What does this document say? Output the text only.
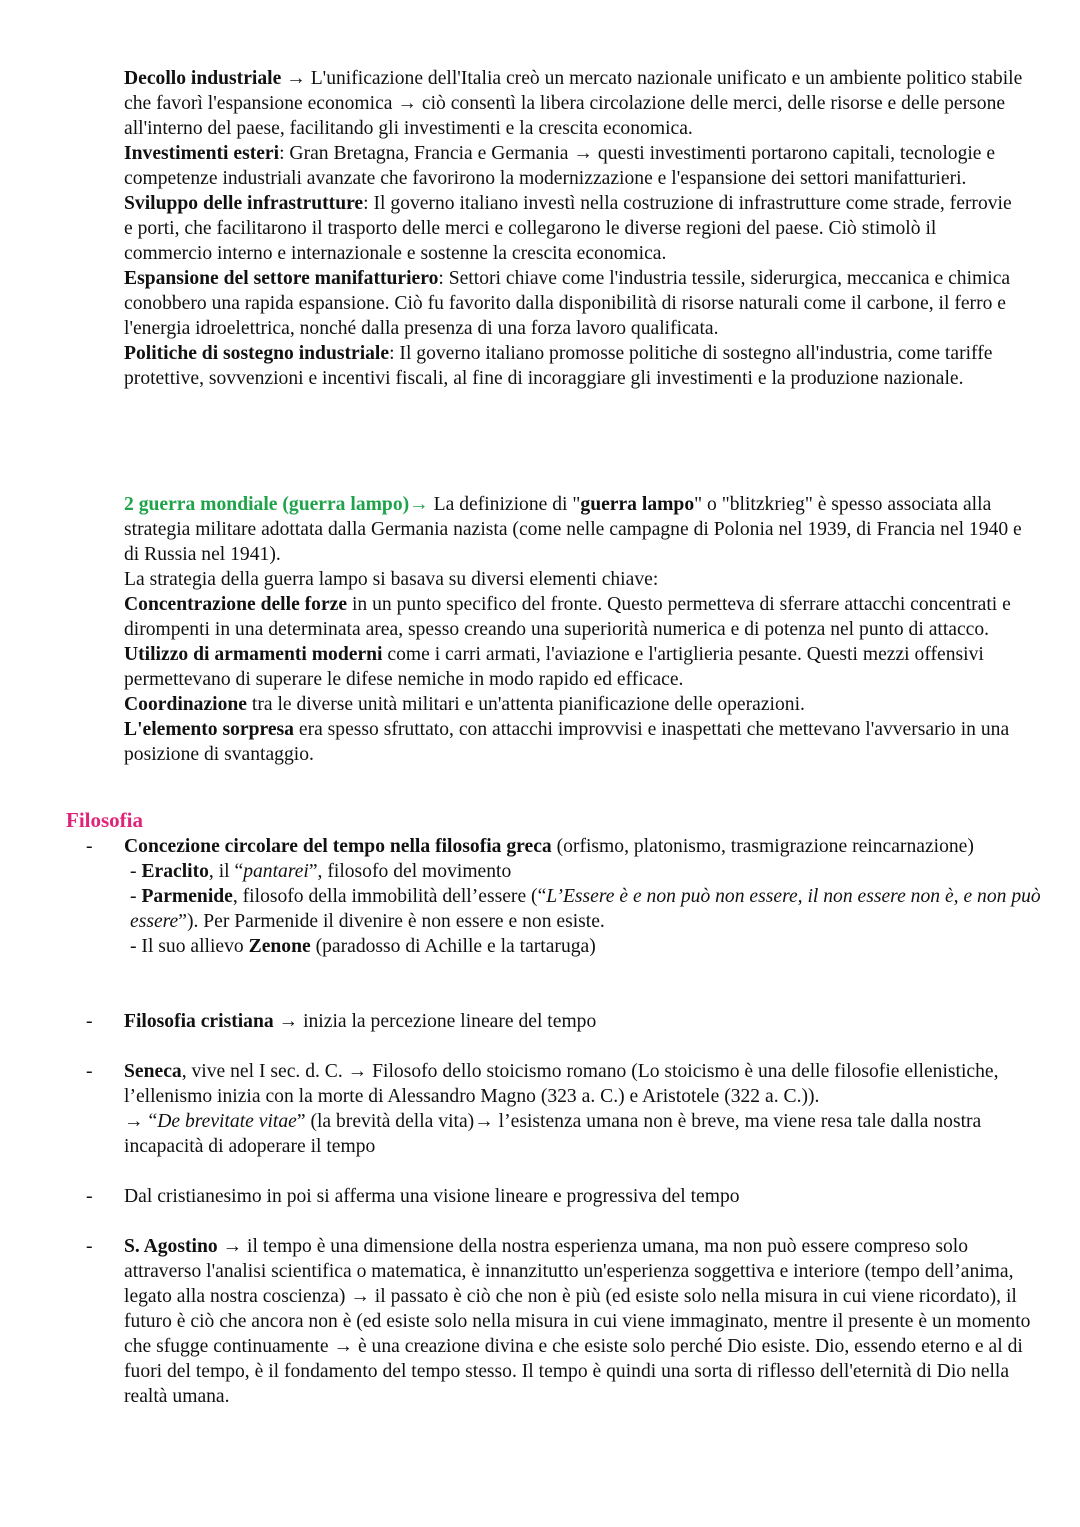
Decollo industriale → L'unificazione dell'Italia creò un mercato nazionale unificato e un ambiente politico stabile che favorì l'espansione economica → ciò consentì la libera circolazione delle merci, delle risorse e delle persone all'interno del paese, facilitando gli investimenti e la crescita economica.

Investimenti esteri: Gran Bretagna, Francia e Germania → questi investimenti portarono capitali, tecnologie e competenze industriali avanzate che favorirono la modernizzazione e l'espansione dei settori manifatturieri.

Sviluppo delle infrastrutture: Il governo italiano investì nella costruzione di infrastrutture come strade, ferrovie e porti, che facilitarono il trasporto delle merci e collegarono le diverse regioni del paese. Ciò stimolò il commercio interno e internazionale e sostenne la crescita economica.

Espansione del settore manifatturiero: Settori chiave come l'industria tessile, siderurgica, meccanica e chimica conobbero una rapida espansione. Ciò fu favorito dalla disponibilità di risorse naturali come il carbone, il ferro e l'energia idroelettrica, nonché dalla presenza di una forza lavoro qualificata.

Politiche di sostegno industriale: Il governo italiano promosse politiche di sostegno all'industria, come tariffe protettive, sovvenzioni e incentivi fiscali, al fine di incoraggiare gli investimenti e la produzione nazionale.

2 guerra mondiale (guerra lampo)→ La definizione di "guerra lampo" o "blitzkrieg" è spesso associata alla strategia militare adottata dalla Germania nazista (come nelle campagne di Polonia nel 1939, di Francia nel 1940 e di Russia nel 1941).

La strategia della guerra lampo si basava su diversi elementi chiave:

Concentrazione delle forze in un punto specifico del fronte. Questo permetteva di sferrare attacchi concentrati e dirompenti in una determinata area, spesso creando una superiorità numerica e di potenza nel punto di attacco.

Utilizzo di armamenti moderni come i carri armati, l'aviazione e l'artiglieria pesante. Questi mezzi offensivi permettevano di superare le difese nemiche in modo rapido ed efficace.

Coordinazione tra le diverse unità militari e un'attenta pianificazione delle operazioni.

L'elemento sorpresa era spesso sfruttato, con attacchi improvvisi e inaspettati che mettevano l'avversario in una posizione di svantaggio.

Filosofia
-	Concezione circolare del tempo nella filosofia greca (orfismo, platonismo, trasmigrazione reincarnazione)

- Eraclito, il “pantarei”, filosofo del movimento

- Parmenide, filosofo della immobilità dell’essere (“L’Essere è e non può non essere, il non essere non è, e non può essere”). Per Parmenide il divenire è non essere e non esiste.

- Il suo allievo Zenone (paradosso di Achille e la tartaruga)

-	Filosofia cristiana → inizia la percezione lineare del tempo

-	Seneca, vive nel I sec. d. C. → Filosofo dello stoicismo romano (Lo stoicismo è una delle filosofie ellenistiche, l’ellenismo inizia con la morte di Alessandro Magno (323 a. C.) e Aristotele (322 a. C.)).

→ “De brevitate vitae” (la brevità della vita)→ l’esistenza umana non è breve, ma viene resa tale dalla nostra incapacità di adoperare il tempo

-	Dal cristianesimo in poi si afferma una visione lineare e progressiva del tempo

-	S. Agostino → il tempo è una dimensione della nostra esperienza umana, ma non può essere compreso solo attraverso l'analisi scientifica o matematica, è innanzitutto un'esperienza soggettiva e interiore (tempo dell’anima, legato alla nostra coscienza) → il passato è ciò che non è più (ed esiste solo nella misura in cui viene ricordato), il futuro è ciò che ancora non è (ed esiste solo nella misura in cui viene immaginato, mentre il presente è un momento che sfugge continuamente → è una creazione divina e che esiste solo perché Dio esiste. Dio, essendo eterno e al di fuori del tempo, è il fondamento del tempo stesso. Il tempo è quindi una sorta di riflesso dell'eternità di Dio nella realtà umana.
